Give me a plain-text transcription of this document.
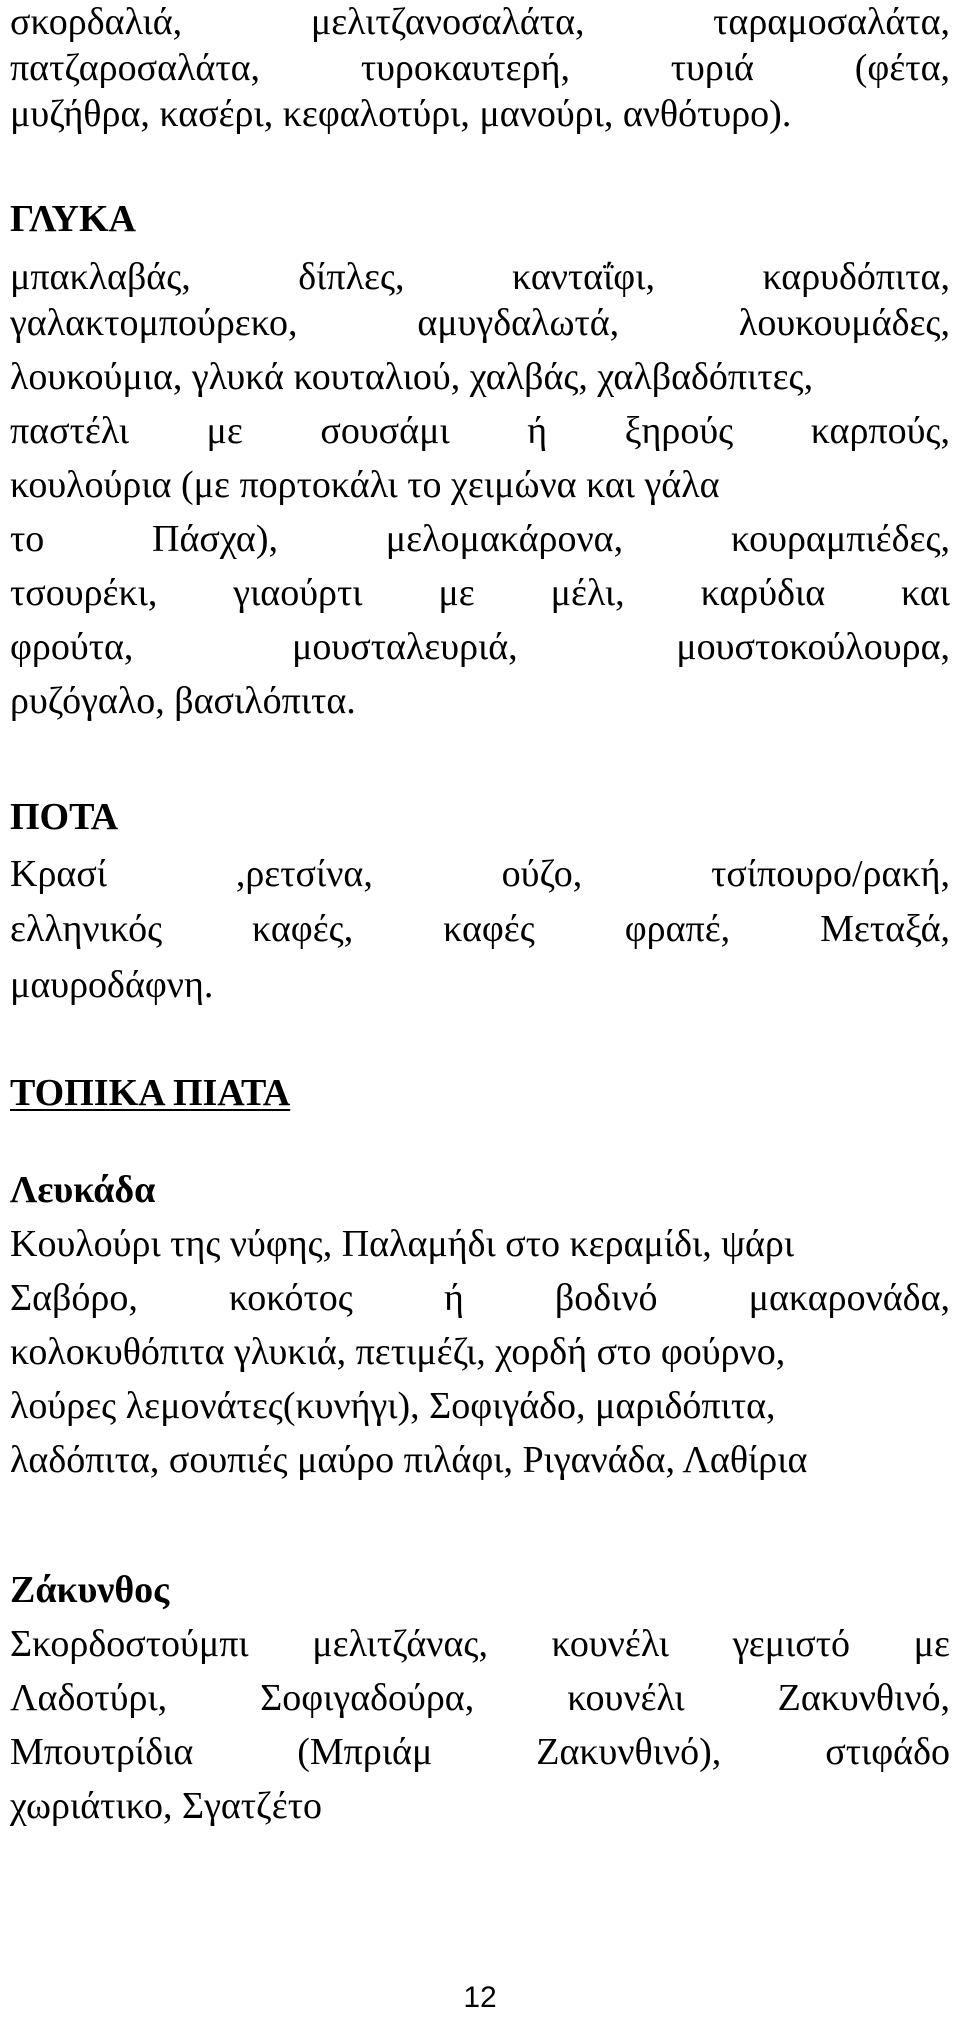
σκορδαλιά,	μελιτζανοσαλάτα,	ταραμοσαλάτα,
πατζαροσαλάτα,	τυροκαυτερή,	τυριά	(φέτα,
μυζήθρα, κασέρι, κεφαλοτύρι, μανούρι, ανθότυρο).
ΓΛΥΚΑ
μπακλαβάς,	δίπλες,	κανταΐφι,	καρυδόπιτα,
γαλακτομπούρεκο,	αμυγδαλωτά,	λουκουμάδες,
λουκούμια, γλυκά κουταλιού, χαλβάς, χαλβαδόπιτες,
παστέλι με σουσάμι ή ξηρούς καρπούς,
κουλούρια (με πορτοκάλι το χειμώνα και γάλα
το	Πάσχα),	μελομακάρονα,	κουραμπιέδες,
τσουρέκι, γιαούρτι με μέλι, καρύδια και
φρούτα,	μουσταλευριά,	μουστοκούλουρα,
ρυζόγαλο, βασιλόπιτα.
ΠΟΤΑ
Κρασί	,ρετσίνα,	ούζο,	τσίπουρο/ρακή,
ελληνικός καφές, καφές φραπέ, Μεταξά,
μαυροδάφνη.
ΤΟΠΙΚΑ ΠΙΑΤΑ
Λευκάδα
Κουλούρι της νύφης, Παλαμήδι στο κεραμίδι, ψάρι
Σαβόρο, κοκότος ή βοδινό μακαρονάδα,
κολοκυθόπιτα γλυκιά, πετιμέζι, χορδή στο φούρνο,
λούρες λεμονάτες(κυνήγι), Σοφιγάδο, μαριδόπιτα,
λαδόπιτα, σουπιές μαύρο πιλάφι, Ριγανάδα, Λαθίρια
Ζάκυνθος
Σκορδοστούμπι μελιτζάνας, κουνέλι γεμιστό με
Λαδοτύρι, Σοφιγαδούρα, κουνέλι Ζακυνθινό,
Μπουτρίδια	(Μπριάμ	Ζακυνθινό),	στιφάδο
χωριάτικο, Σγατζέτο
12
